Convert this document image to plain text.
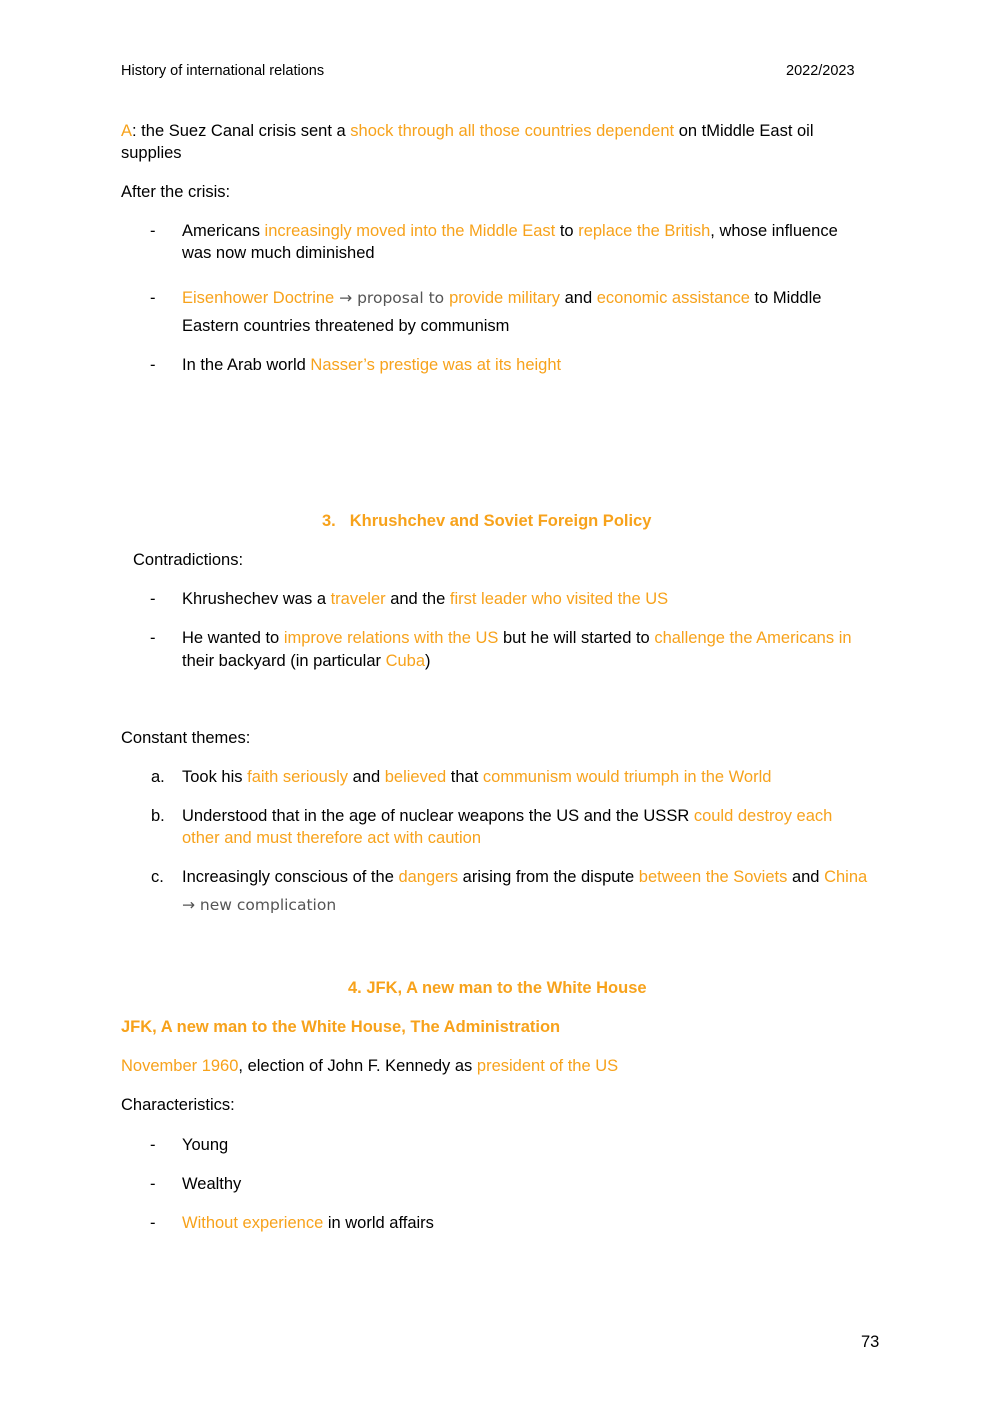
History of international relations	2022/2023
A: the Suez Canal crisis sent a shock through all those countries dependent on tMiddle East oil
supplies
After the crisis:
- Americans increasingly moved into the Middle East to replace the British, whose influence
was now much diminished
- Eisenhower Doctrine → proposal to provide military and economic assistance to Middle
Eastern countries threatened by communism
- In the Arab world Nasser’s prestige was at its height
3. Khrushchev and Soviet Foreign Policy
Contradictions:
- Khrushechev was a traveler and the first leader who visited the US
- He wanted to improve relations with the US but he will started to challenge the Americans in
their backyard (in particular Cuba)
Constant themes:
a. Took his faith seriously and believed that communism would triumph in the World
b. Understood that in the age of nuclear weapons the US and the USSR could destroy each
other and must therefore act with caution
c. Increasingly conscious of the dangers arising from the dispute between the Soviets and China
→ new complication
4. JFK, A new man to the White House
JFK, A new man to the White House, The Administration
November 1960, election of John F. Kennedy as president of the US
Characteristics:
- Young
- Wealthy
- Without experience in world affairs
73
